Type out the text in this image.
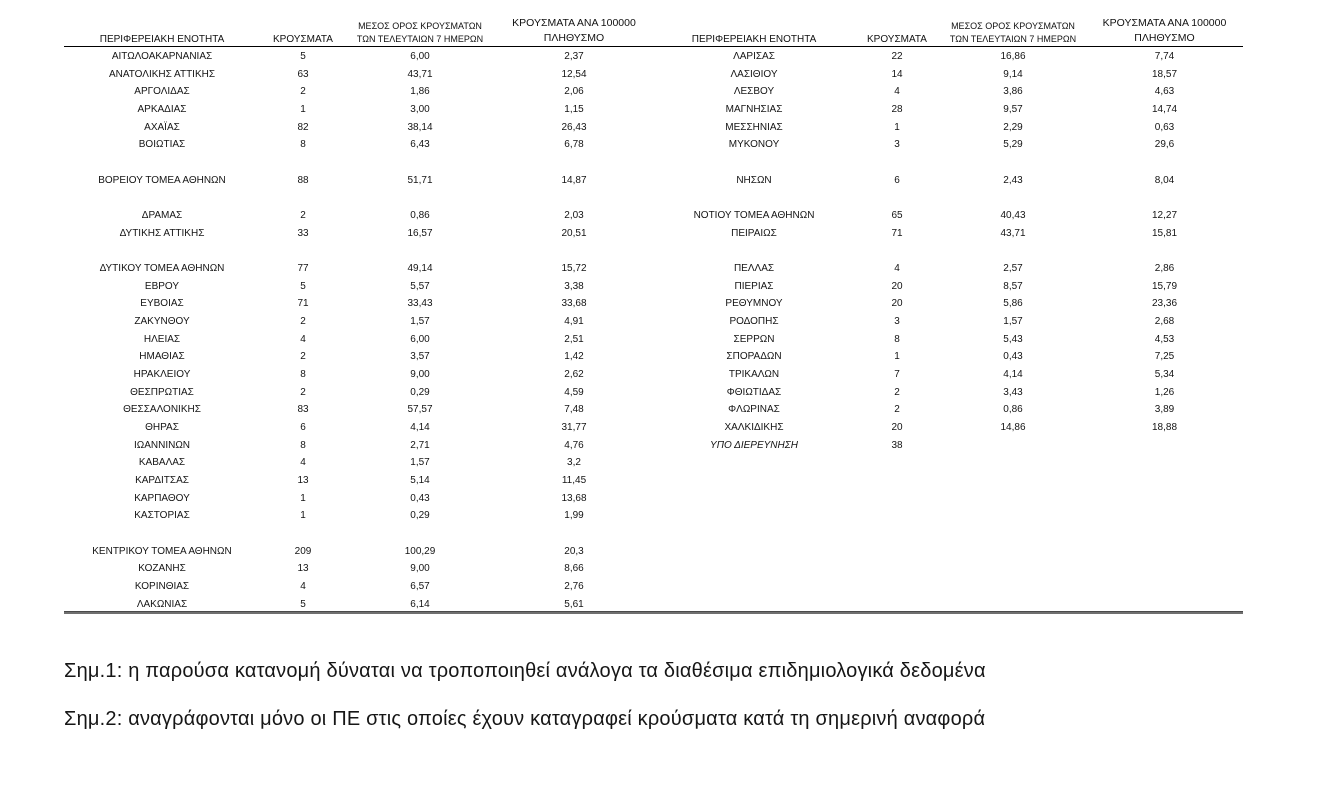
ΠΕΡΙΦΕΡΕΙΑΚΗ ΕΝΟΤΗΤΑ	ΚΡΟΥΣΜΑΤΑ
ΜΕΣΟΣ ΟΡΟΣ ΚΡΟΥΣΜΑΤΩΝ
ΤΩΝ ΤΕΛΕΥΤΑΙΩΝ 7 ΗΜΕΡΩΝ
ΚΡΟΥΣΜΑΤΑ ΑΝΑ 100000
ΠΛΗΘΥΣΜΟ	ΠΕΡΙΦΕΡΕΙΑΚΗ ΕΝΟΤΗΤΑ	ΚΡΟΥΣΜΑΤΑ
ΜΕΣΟΣ ΟΡΟΣ ΚΡΟΥΣΜΑΤΩΝ
ΤΩΝ ΤΕΛΕΥΤΑΙΩΝ 7 ΗΜΕΡΩΝ
ΚΡΟΥΣΜΑΤΑ ΑΝΑ 100000
ΠΛΗΘΥΣΜΟ
ΑΙΤΩΛΟΑΚΑΡΝΑΝΙΑΣ	5	6,00	2,37	ΛΑΡΙΣΑΣ	22	16,86	7,74
ΑΝΑΤΟΛΙΚΗΣ ΑΤΤΙΚΗΣ	63	43,71	12,54	ΛΑΣΙΘΙΟΥ	14	9,14	18,57
ΑΡΓΟΛΙΔΑΣ	2	1,86	2,06	ΛΕΣΒΟΥ	4	3,86	4,63
ΑΡΚΑΔΙΑΣ	1	3,00	1,15	ΜΑΓΝΗΣΙΑΣ	28	9,57	14,74
ΑΧΑΪΑΣ	82	38,14	26,43	ΜΕΣΣΗΝΙΑΣ	1	2,29	0,63
ΒΟΙΩΤΙΑΣ	8	6,43	6,78	ΜΥΚΟΝΟΥ	3	5,29	29,6
ΒΟΡΕΙΟΥ ΤΟΜΕΑ ΑΘΗΝΩΝ	88	51,71	14,87	ΝΗΣΩΝ	6	2,43	8,04
ΔΡΑΜΑΣ	2	0,86	2,03	ΝΟΤΙΟΥ ΤΟΜΕΑ ΑΘΗΝΩΝ	65	40,43	12,27
ΔΥΤΙΚΗΣ ΑΤΤΙΚΗΣ	33	16,57	20,51	ΠΕΙΡΑΙΩΣ	71	43,71	15,81
ΔΥΤΙΚΟΥ ΤΟΜΕΑ ΑΘΗΝΩΝ	77	49,14	15,72	ΠΕΛΛΑΣ	4	2,57	2,86
ΕΒΡΟΥ	5	5,57	3,38	ΠΙΕΡΙΑΣ	20	8,57	15,79
ΕΥΒΟΙΑΣ	71	33,43	33,68	ΡΕΘΥΜΝΟΥ	20	5,86	23,36
ΖΑΚΥΝΘΟΥ	2	1,57	4,91	ΡΟΔΟΠΗΣ	3	1,57	2,68
ΗΛΕΙΑΣ	4	6,00	2,51	ΣΕΡΡΩΝ	8	5,43	4,53
ΗΜΑΘΙΑΣ	2	3,57	1,42	ΣΠΟΡΑΔΩΝ	1	0,43	7,25
ΗΡΑΚΛΕΙΟΥ	8	9,00	2,62	ΤΡΙΚΑΛΩΝ	7	4,14	5,34
ΘΕΣΠΡΩΤΙΑΣ	2	0,29	4,59	ΦΘΙΩΤΙΔΑΣ	2	3,43	1,26
ΘΕΣΣΑΛΟΝΙΚΗΣ	83	57,57	7,48	ΦΛΩΡΙΝΑΣ	2	0,86	3,89
ΘΗΡΑΣ	6	4,14	31,77	ΧΑΛΚΙΔΙΚΗΣ	20	14,86	18,88
ΙΩΑΝΝΙΝΩΝ	8	2,71	4,76	ΥΠΟ ΔΙΕΡΕΥΝΗΣΗ	38
ΚΑΒΑΛΑΣ	4	1,57	3,2
ΚΑΡΔΙΤΣΑΣ	13	5,14	11,45
ΚΑΡΠΑΘΟΥ	1	0,43	13,68
ΚΑΣΤΟΡΙΑΣ	1	0,29	1,99
ΚΕΝΤΡΙΚΟΥ ΤΟΜΕΑ ΑΘΗΝΩΝ	209	100,29	20,3
ΚΟΖΑΝΗΣ	13	9,00	8,66
ΚΟΡΙΝΘΙΑΣ	4	6,57	2,76
ΛΑΚΩΝΙΑΣ	5	6,14	5,61
Σημ.1: η παρούσα κατανομή δύναται να τροποποιηθεί ανάλογα τα διαθέσιμα επιδημιολογικά δεδομένα
Σημ.2: αναγράφονται μόνο οι ΠΕ στις οποίες έχουν καταγραφεί κρούσματα κατά τη σημερινή αναφορά
